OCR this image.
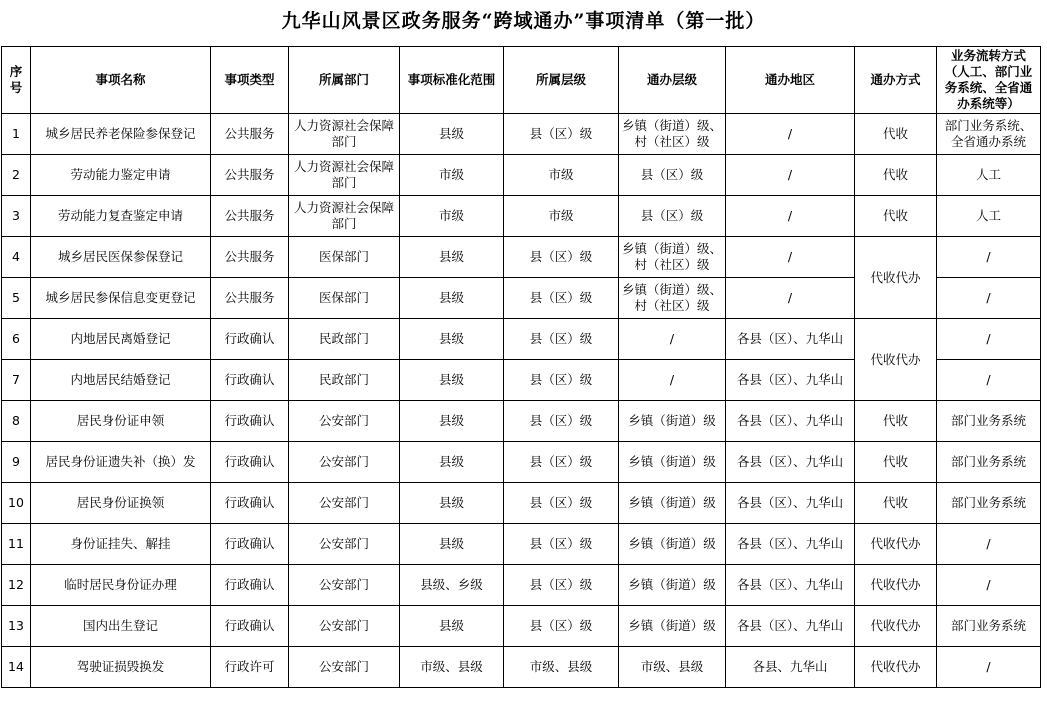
九华山风景区政务服务“跨域通办”事项清单（第一批）
序号	事项名称	事项类型	所属部门	事项标准化范围	所属层级	通办层级	通办地区	通办方式	业务流转方式（人工、部门业务系统、全省通办系统等）
1	城乡居民养老保险参保登记	公共服务	人力资源社会保障部门	县级	县（区）级	乡镇（街道）级、村（社区）级	/	代收	部门业务系统、全省通办系统
2	劳动能力鉴定申请	公共服务	人力资源社会保障部门	市级	市级	县（区）级	/	代收	人工
3	劳动能力复查鉴定申请	公共服务	人力资源社会保障部门	市级	市级	县（区）级	/	代收	人工
4	城乡居民医保参保登记	公共服务	医保部门	县级	县（区）级	乡镇（街道）级、村（社区）级	/	代收代办	/
5	城乡居民参保信息变更登记	公共服务	医保部门	县级	县（区）级	乡镇（街道）级、村（社区）级	/		/
6	内地居民离婚登记	行政确认	民政部门	县级	县（区）级	/	各县（区）、九华山	代收代办	/
7	内地居民结婚登记	行政确认	民政部门	县级	县（区）级	/	各县（区）、九华山		/
8	居民身份证申领	行政确认	公安部门	县级	县（区）级	乡镇（街道）级	各县（区）、九华山	代收	部门业务系统
9	居民身份证遗失补（换）发	行政确认	公安部门	县级	县（区）级	乡镇（街道）级	各县（区）、九华山	代收	部门业务系统
10	居民身份证换领	行政确认	公安部门	县级	县（区）级	乡镇（街道）级	各县（区）、九华山	代收	部门业务系统
11	身份证挂失、解挂	行政确认	公安部门	县级	县（区）级	乡镇（街道）级	各县（区）、九华山	代收代办	/
12	临时居民身份证办理	行政确认	公安部门	县级、乡级	县（区）级	乡镇（街道）级	各县（区）、九华山	代收代办	/
13	国内出生登记	行政确认	公安部门	县级	县（区）级	乡镇（街道）级	各县（区）、九华山	代收代办	部门业务系统
14	驾驶证损毁换发	行政许可	公安部门	市级、县级	市级、县级	市级、县级	各县、九华山	代收代办	/
